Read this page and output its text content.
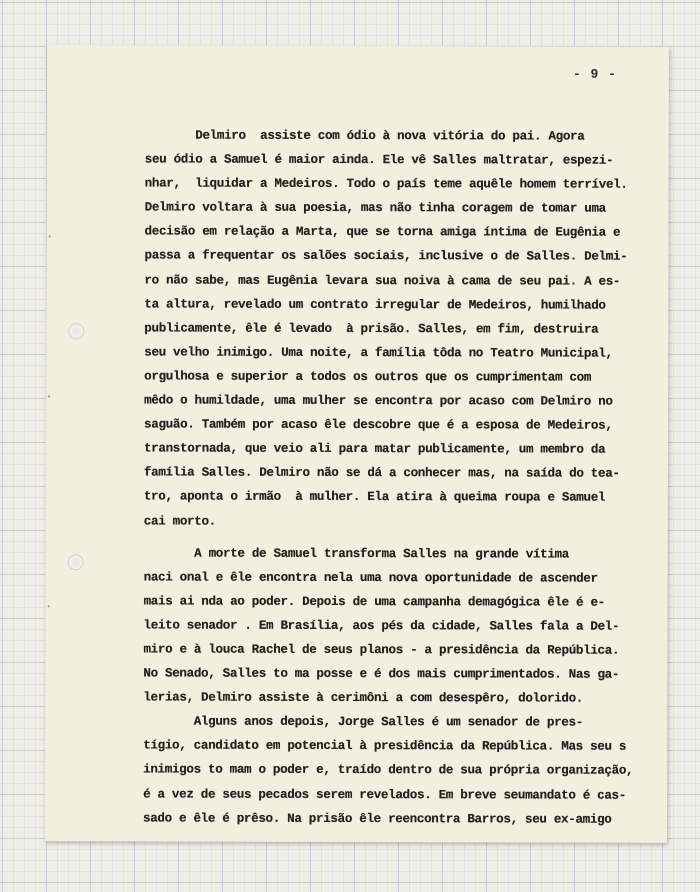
- 9 -
Delmiro  assiste com ódio à nova vitória do pai. Agora
seu ódio a Samuel é maior ainda. Ele vê Salles maltratar, espezi-
nhar,  liquidar a Medeiros. Todo o país teme aquêle homem terrível.
Delmiro voltara à sua poesia, mas não tinha coragem de tomar uma
decisão em relação a Marta, que se torna amiga íntima de Eugênia e
passa a frequentar os salões sociais, inclusive o de Salles. Delmi-
ro não sabe, mas Eugênia levara sua noiva à cama de seu pai. A es-
ta altura, revelado um contrato irregular de Medeiros, humilhado
publicamente, êle é levado  à prisão. Salles, em fim, destruira
seu velho inimigo. Uma noite, a família tôda no Teatro Municipal,
orgulhosa e superior a todos os outros que os cumprimentam com
mêdo o humildade, uma mulher se encontra por acaso com Delmiro no
saguão. Também por acaso êle descobre que é a esposa de Medeiros,
transtornada, que veio ali para matar publicamente, um membro da
família Salles. Delmiro não se dá a conhecer mas, na saída do tea-
tro, aponta o irmão  à mulher. Ela atira à queima roupa e Samuel
cai morto.
A morte de Samuel transforma Salles na grande vítima
naci onal e êle encontra nela uma nova oportunidade de ascender
mais ai nda ao poder. Depois de uma campanha demagógica êle é e-
leito senador . Em Brasília, aos pés da cidade, Salles fala a Del-
miro e à louca Rachel de seus planos - a presidência da República.
No Senado, Salles to ma posse e é dos mais cumprimentados. Nas ga-
lerias, Delmiro assiste à cerimôni a com desespêro, dolorido.
Alguns anos depois, Jorge Salles é um senador de pres-
tígio, candidato em potencial à presidência da República. Mas seu s
inimigos to mam o poder e, traído dentro de sua própria organização,
é a vez de seus pecados serem revelados. Em breve seumandato é cas-
sado e êle é prêso. Na prisão êle reencontra Barros, seu ex-amigo
